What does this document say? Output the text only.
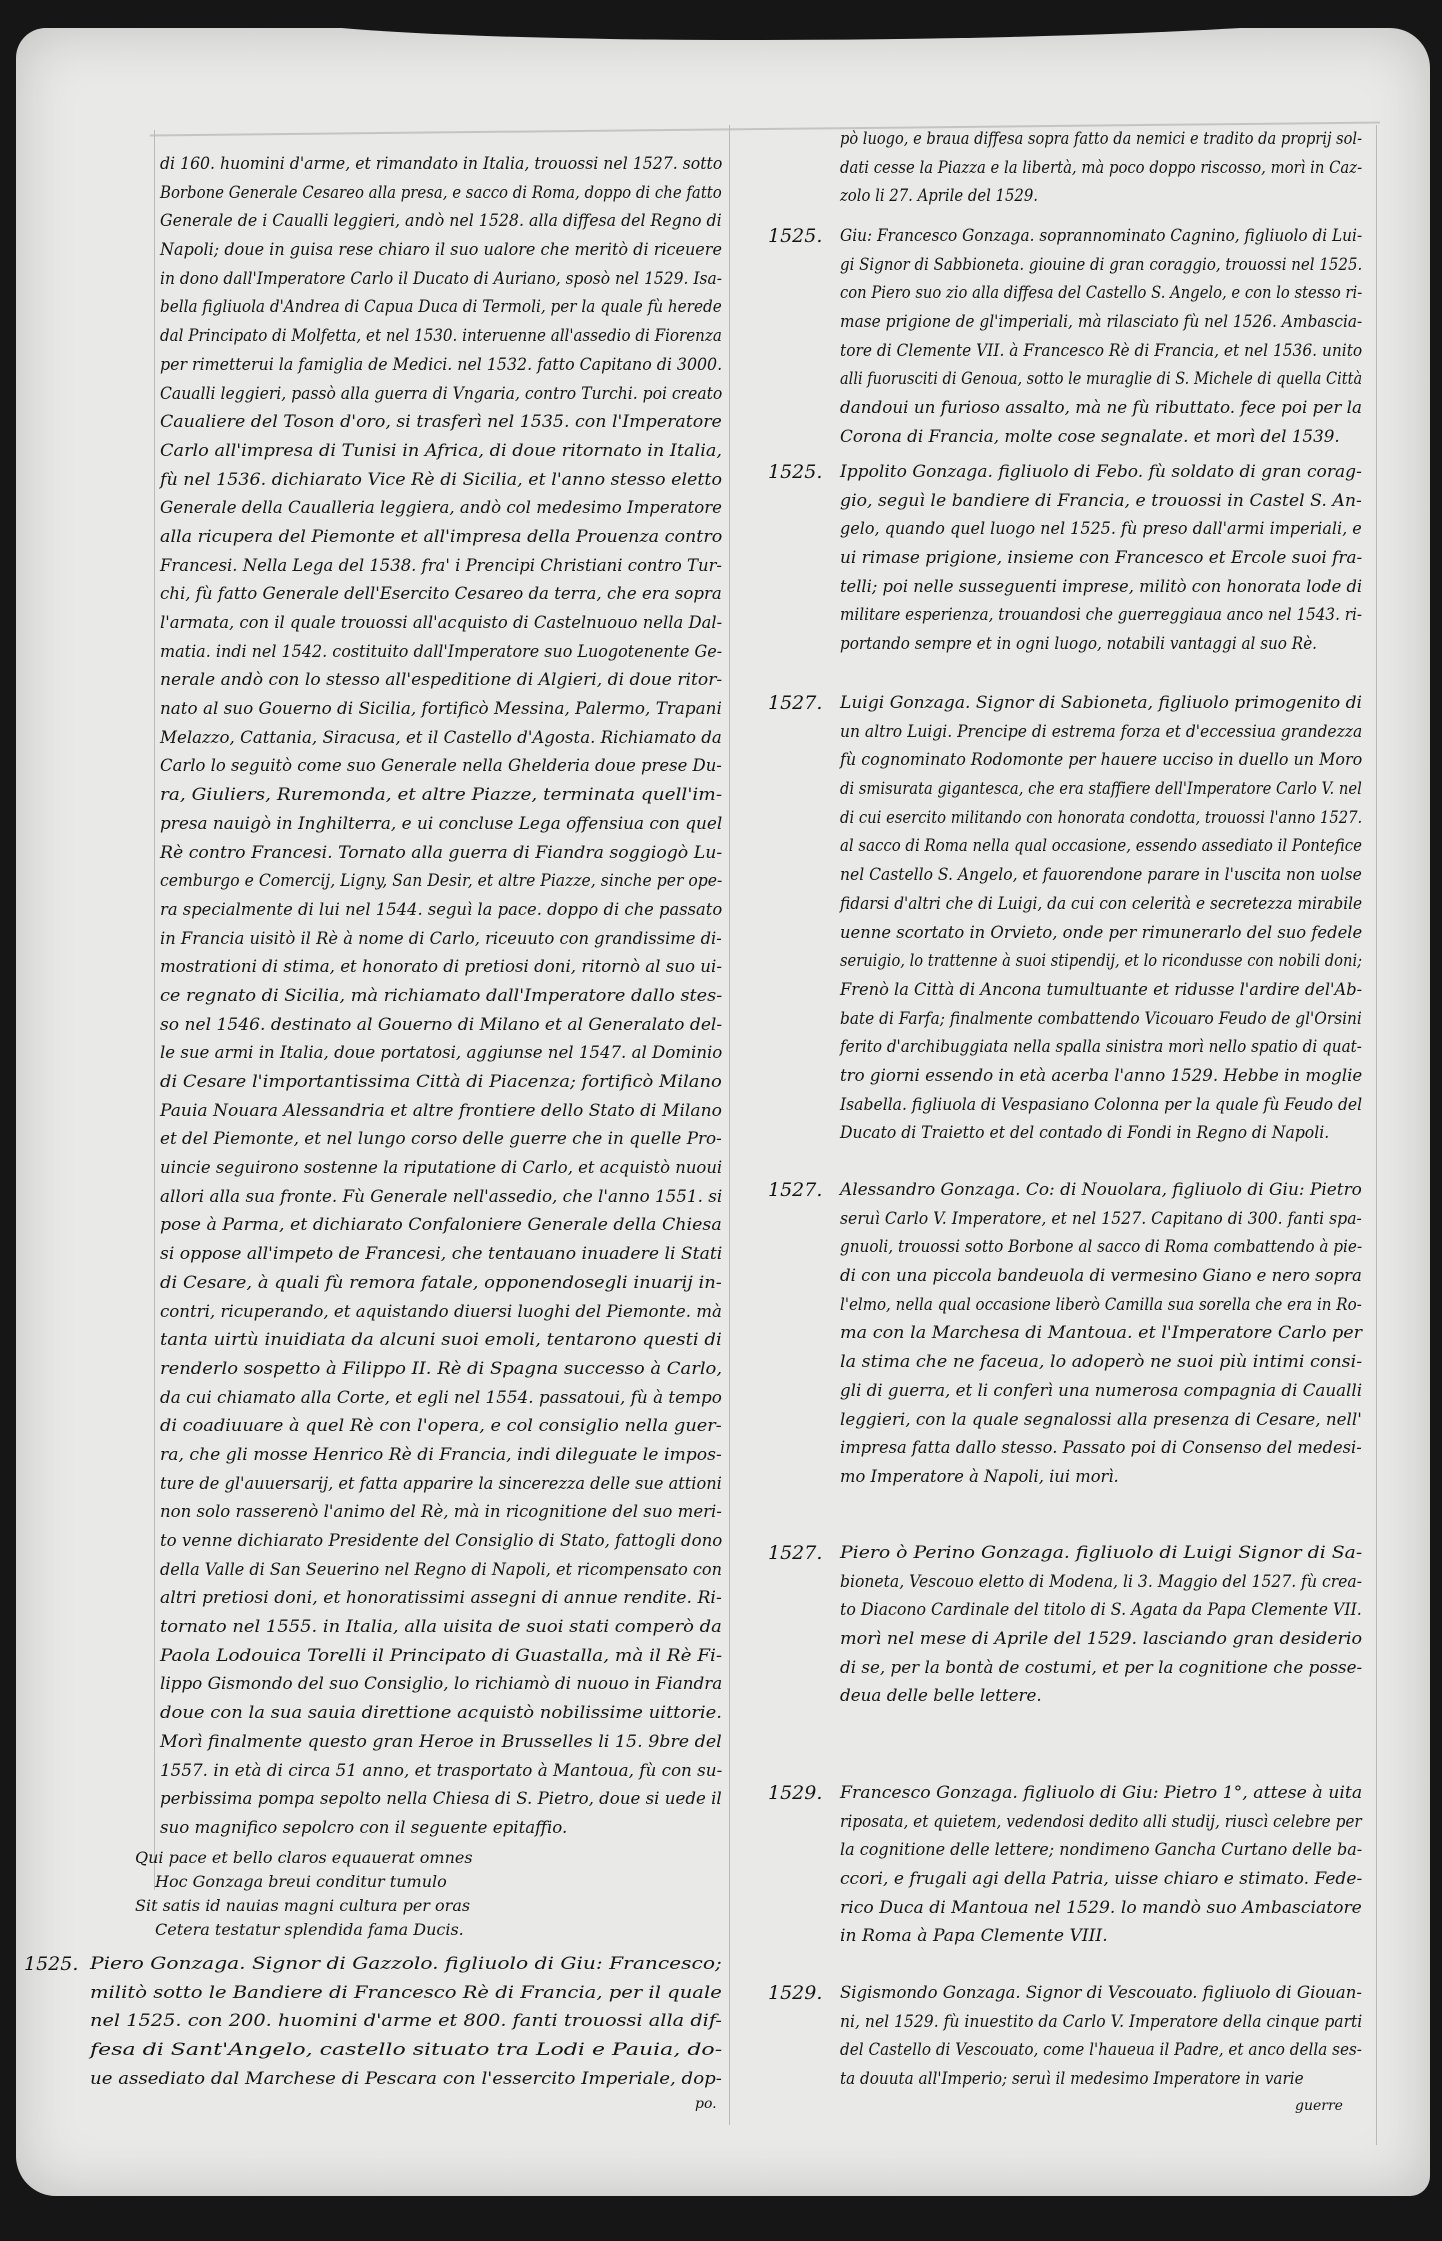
di 160. huomini d'arme, et rimandato in Italia, trouossi nel 1527. sotto
Borbone Generale Cesareo alla presa, e sacco di Roma, doppo di che fatto
Generale de i Caualli leggieri, andò nel 1528. alla diffesa del Regno di
Napoli; doue in guisa rese chiaro il suo ualore che meritò di riceuere
in dono dall'Imperatore Carlo il Ducato di Auriano, sposò nel 1529. Isa-
bella figliuola d'Andrea di Capua Duca di Termoli, per la quale fù herede
dal Principato di Molfetta, et nel 1530. interuenne all'assedio di Fiorenza
per rimetterui la famiglia de Medici. nel 1532. fatto Capitano di 3000.
Caualli leggieri, passò alla guerra di Vngaria, contro Turchi. poi creato
Caualiere del Toson d'oro, si trasferì nel 1535. con l'Imperatore
Carlo all'impresa di Tunisi in Africa, di doue ritornato in Italia,
fù nel 1536. dichiarato Vice Rè di Sicilia, et l'anno stesso eletto
Generale della Caualleria leggiera, andò col medesimo Imperatore
alla ricupera del Piemonte et all'impresa della Prouenza contro
Francesi. Nella Lega del 1538. fra' i Prencipi Christiani contro Tur-
chi, fù fatto Generale dell'Esercito Cesareo da terra, che era sopra
l'armata, con il quale trouossi all'acquisto di Castelnuouo nella Dal-
matia. indi nel 1542. costituito dall'Imperatore suo Luogotenente Ge-
nerale andò con lo stesso all'espeditione di Algieri, di doue ritor-
nato al suo Gouerno di Sicilia, fortificò Messina, Palermo, Trapani
Melazzo, Cattania, Siracusa, et il Castello d'Agosta. Richiamato da
Carlo lo seguitò come suo Generale nella Ghelderia doue prese Du-
ra, Giuliers, Ruremonda, et altre Piazze, terminata quell'im-
presa nauigò in Inghilterra, e ui concluse Lega offensiua con quel
Rè contro Francesi. Tornato alla guerra di Fiandra soggiogò Lu-
cemburgo e Comercij, Ligny, San Desir, et altre Piazze, sinche per ope-
ra specialmente di lui nel 1544. seguì la pace. doppo di che passato
in Francia uisitò il Rè à nome di Carlo, riceuuto con grandissime di-
mostrationi di stima, et honorato di pretiosi doni, ritornò al suo ui-
ce regnato di Sicilia, mà richiamato dall'Imperatore dallo stes-
so nel 1546. destinato al Gouerno di Milano et al Generalato del-
le sue armi in Italia, doue portatosi, aggiunse nel 1547. al Dominio
di Cesare l'importantissima Città di Piacenza; fortificò Milano
Pauia Nouara Alessandria et altre frontiere dello Stato di Milano
et del Piemonte, et nel lungo corso delle guerre che in quelle Pro-
uincie seguirono sostenne la riputatione di Carlo, et acquistò nuoui
allori alla sua fronte. Fù Generale nell'assedio, che l'anno 1551. si
pose à Parma, et dichiarato Confaloniere Generale della Chiesa
si oppose all'impeto de Francesi, che tentauano inuadere li Stati
di Cesare, à quali fù remora fatale, opponendosegli inuarij in-
contri, ricuperando, et aquistando diuersi luoghi del Piemonte. mà
tanta uirtù inuidiata da alcuni suoi emoli, tentarono questi di
renderlo sospetto à Filippo II. Rè di Spagna successo à Carlo,
da cui chiamato alla Corte, et egli nel 1554. passatoui, fù à tempo
di coadiuuare à quel Rè con l'opera, e col consiglio nella guer-
ra, che gli mosse Henrico Rè di Francia, indi dileguate le impos-
ture de gl'auuersarij, et fatta apparire la sincerezza delle sue attioni
non solo rasserenò l'animo del Rè, mà in ricognitione del suo meri-
to venne dichiarato Presidente del Consiglio di Stato, fattogli dono
della Valle di San Seuerino nel Regno di Napoli, et ricompensato con
altri pretiosi doni, et honoratissimi assegni di annue rendite. Ri-
tornato nel 1555. in Italia, alla uisita de suoi stati comperò da
Paola Lodouica Torelli il Principato di Guastalla, mà il Rè Fi-
lippo Gismondo del suo Consiglio, lo richiamò di nuouo in Fiandra
doue con la sua sauia direttione acquistò nobilissime uittorie.
Morì finalmente questo gran Heroe in Brusselles li 15. 9bre del
1557. in età di circa 51 anno, et trasportato à Mantoua, fù con su-
perbissima pompa sepolto nella Chiesa di S. Pietro, doue si uede il
suo magnifico sepolcro con il seguente epitaffio.
Qui pace et bello claros equauerat omnes
Hoc Gonzaga breui conditur tumulo
Sit satis id nauias magni cultura per oras
Cetera testatur splendida fama Ducis.
1525. Piero Gonzaga. Signor di Gazzolo. figliuolo di Giu: Francesco;
militò sotto le Bandiere di Francesco Rè di Francia, per il quale
nel 1525. con 200. huomini d'arme et 800. fanti trouossi alla dif-
fesa di Sant'Angelo, castello situato tra Lodi e Pauia, do-
ue assediato dal Marchese di Pescara con l'essercito Imperiale, dop-
po.
pò luogo, e braua diffesa sopra fatto da nemici e tradito da proprij sol-
dati cesse la Piazza e la libertà, mà poco doppo riscosso, morì in Caz-
zolo li 27. Aprile del 1529.
1525. Giu: Francesco Gonzaga. soprannominato Cagnino, figliuolo di Lui-
gi Signor di Sabbioneta. giouine di gran coraggio, trouossi nel 1525.
con Piero suo zio alla diffesa del Castello S. Angelo, e con lo stesso ri-
mase prigione de gl'imperiali, mà rilasciato fù nel 1526. Ambascia-
tore di Clemente VII. à Francesco Rè di Francia, et nel 1536. unito
alli fuorusciti di Genoua, sotto le muraglie di S. Michele di quella Città
dandoui un furioso assalto, mà ne fù ributtato. fece poi per la
Corona di Francia, molte cose segnalate. et morì del 1539.
1525. Ippolito Gonzaga. figliuolo di Febo. fù soldato di gran corag-
gio, seguì le bandiere di Francia, e trouossi in Castel S. An-
gelo, quando quel luogo nel 1525. fù preso dall'armi imperiali, e
ui rimase prigione, insieme con Francesco et Ercole suoi fra-
telli; poi nelle susseguenti imprese, militò con honorata lode di
militare esperienza, trouandosi che guerreggiaua anco nel 1543. ri-
portando sempre et in ogni luogo, notabili vantaggi al suo Rè.
1527. Luigi Gonzaga. Signor di Sabioneta, figliuolo primogenito di
un altro Luigi. Prencipe di estrema forza et d'eccessiua grandezza
fù cognominato Rodomonte per hauere ucciso in duello un Moro
di smisurata gigantesca, che era staffiere dell'Imperatore Carlo V. nel
di cui esercito militando con honorata condotta, trouossi l'anno 1527.
al sacco di Roma nella qual occasione, essendo assediato il Pontefice
nel Castello S. Angelo, et fauorendone parare in l'uscita non uolse
fidarsi d'altri che di Luigi, da cui con celerità e secretezza mirabile
uenne scortato in Orvieto, onde per rimunerarlo del suo fedele
seruigio, lo trattenne à suoi stipendij, et lo ricondusse con nobili doni;
Frenò la Città di Ancona tumultuante et ridusse l'ardire del'Ab-
bate di Farfa; finalmente combattendo Vicouaro Feudo de gl'Orsini
ferito d'archibuggiata nella spalla sinistra morì nello spatio di quat-
tro giorni essendo in età acerba l'anno 1529. Hebbe in moglie
Isabella. figliuola di Vespasiano Colonna per la quale fù Feudo del
Ducato di Traietto et del contado di Fondi in Regno di Napoli.
1527. Alessandro Gonzaga. Co: di Nouolara, figliuolo di Giu: Pietro
seruì Carlo V. Imperatore, et nel 1527. Capitano di 300. fanti spa-
gnuoli, trouossi sotto Borbone al sacco di Roma combattendo à pie-
di con una piccola bandeuola di vermesino Giano e nero sopra
l'elmo, nella qual occasione liberò Camilla sua sorella che era in Ro-
ma con la Marchesa di Mantoua. et l'Imperatore Carlo per
la stima che ne faceua, lo adoperò ne suoi più intimi consi-
gli di guerra, et li conferì una numerosa compagnia di Caualli
leggieri, con la quale segnalossi alla presenza di Cesare, nell'
impresa fatta dallo stesso. Passato poi di Consenso del medesi-
mo Imperatore à Napoli, iui morì.
1527. Piero ò Perino Gonzaga. figliuolo di Luigi Signor di Sa-
bioneta, Vescouo eletto di Modena, li 3. Maggio del 1527. fù crea-
to Diacono Cardinale del titolo di S. Agata da Papa Clemente VII.
morì nel mese di Aprile del 1529. lasciando gran desiderio
di se, per la bontà de costumi, et per la cognitione che posse-
deua delle belle lettere.
1529. Francesco Gonzaga. figliuolo di Giu: Pietro 1°, attese à uita
riposata, et quietem, vedendosi dedito alli studij, riuscì celebre per
la cognitione delle lettere; nondimeno Gancha Curtano delle ba-
ccori, e frugali agi della Patria, uisse chiaro e stimato. Fede-
rico Duca di Mantoua nel 1529. lo mandò suo Ambasciatore
in Roma à Papa Clemente VIII.
1529. Sigismondo Gonzaga. Signor di Vescouato. figliuolo di Giouan-
ni, nel 1529. fù inuestito da Carlo V. Imperatore della cinque parti
del Castello di Vescouato, come l'haueua il Padre, et anco della ses-
ta douuta all'Imperio; seruì il medesimo Imperatore in varie
guerre
